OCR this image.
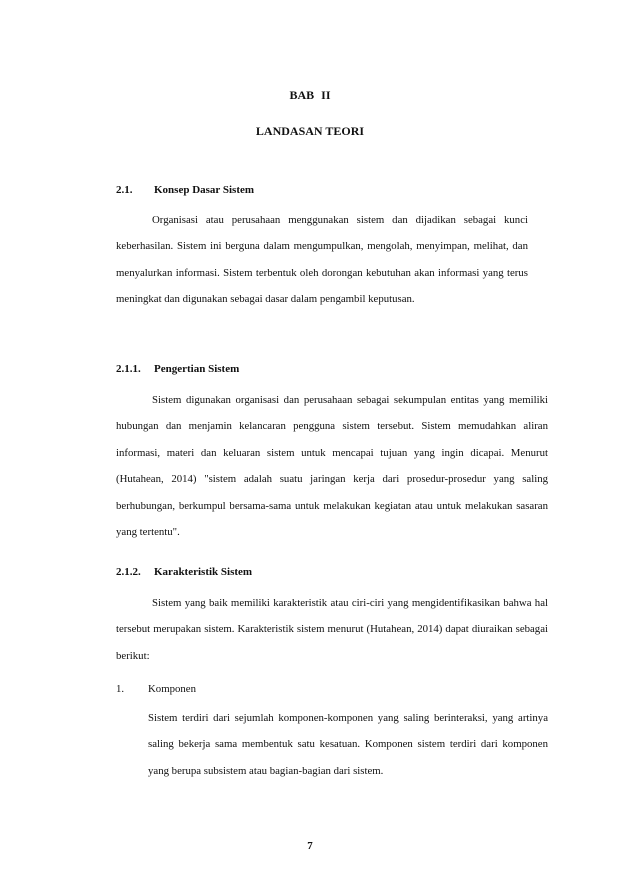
BAB II

LANDASAN TEORI

2.1. Konsep Dasar Sistem

Organisasi atau perusahaan menggunakan sistem dan dijadikan sebagai kunci keberhasilan. Sistem ini berguna dalam mengumpulkan, mengolah, menyimpan, melihat, dan menyalurkan informasi. Sistem terbentuk oleh dorongan kebutuhan akan informasi yang terus meningkat dan digunakan sebagai dasar dalam pengambil keputusan.

2.1.1. Pengertian Sistem

Sistem digunakan organisasi dan perusahaan sebagai sekumpulan entitas yang memiliki hubungan dan menjamin kelancaran pengguna sistem tersebut. Sistem memudahkan aliran informasi, materi dan keluaran sistem untuk mencapai tujuan yang ingin dicapai. Menurut (Hutahean, 2014) "sistem adalah suatu jaringan kerja dari prosedur-prosedur yang saling berhubungan, berkumpul bersama-sama untuk melakukan kegiatan atau untuk melakukan sasaran yang tertentu".

2.1.2. Karakteristik Sistem

Sistem yang baik memiliki karakteristik atau ciri-ciri yang mengidentifikasikan bahwa hal tersebut merupakan sistem. Karakteristik sistem menurut (Hutahean, 2014) dapat diuraikan sebagai berikut:

1. Komponen

Sistem terdiri dari sejumlah komponen-komponen yang saling berinteraksi, yang artinya saling bekerja sama membentuk satu kesatuan. Komponen sistem terdiri dari komponen yang berupa subsistem atau bagian-bagian dari sistem.

7
